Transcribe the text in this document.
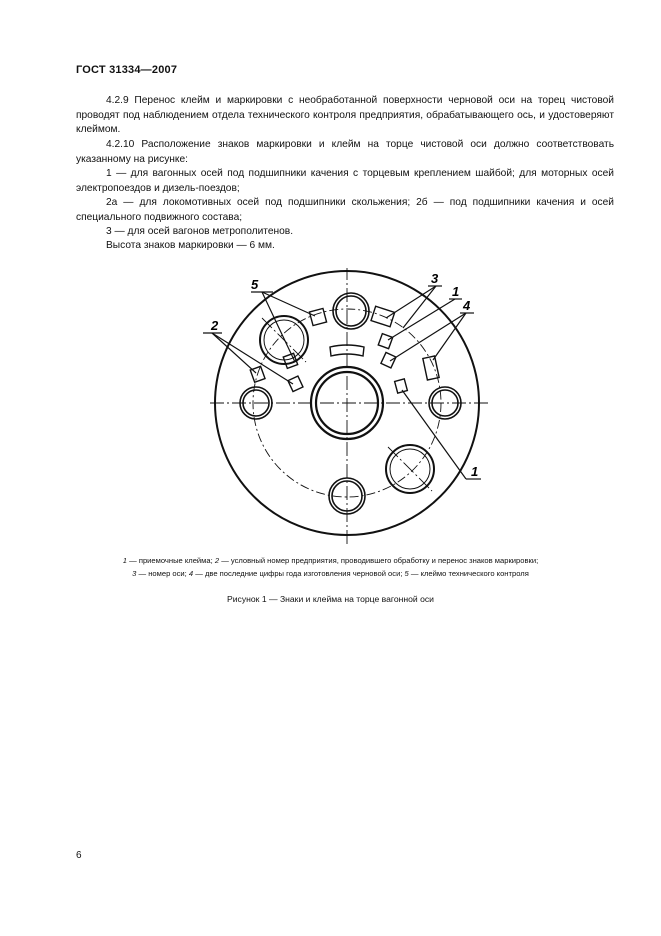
ГОСТ 31334—2007

4.2.9 Перенос клейм и маркировки с необработанной поверхности черновой оси на торец чистовой проводят под наблюдением отдела технического контроля предприятия, обрабатывающего ось, и удостоверяют клеймом.

4.2.10 Расположение знаков маркировки и клейм на торце чистовой оси должно соответствовать указанному на рисунке:

1 — для вагонных осей под подшипники качения с торцевым креплением шайбой; для моторных осей электропоездов и дизель-поездов;

2а — для локомотивных осей под подшипники скольжения; 2б — под подшипники качения и осей специального подвижного состава;

3 — для осей вагонов метрополитенов.

Высота знаков маркировки — 6 мм.

5
2
3
1
4
1
1 — приемочные клейма; 2 — условный номер предприятия, проводившего обработку и перенос знаков маркировки;
3 — номер оси; 4 — две последние цифры года изготовления черновой оси; 5 — клеймо технического контроля
Рисунок 1 — Знаки и клейма на торце вагонной оси
6
